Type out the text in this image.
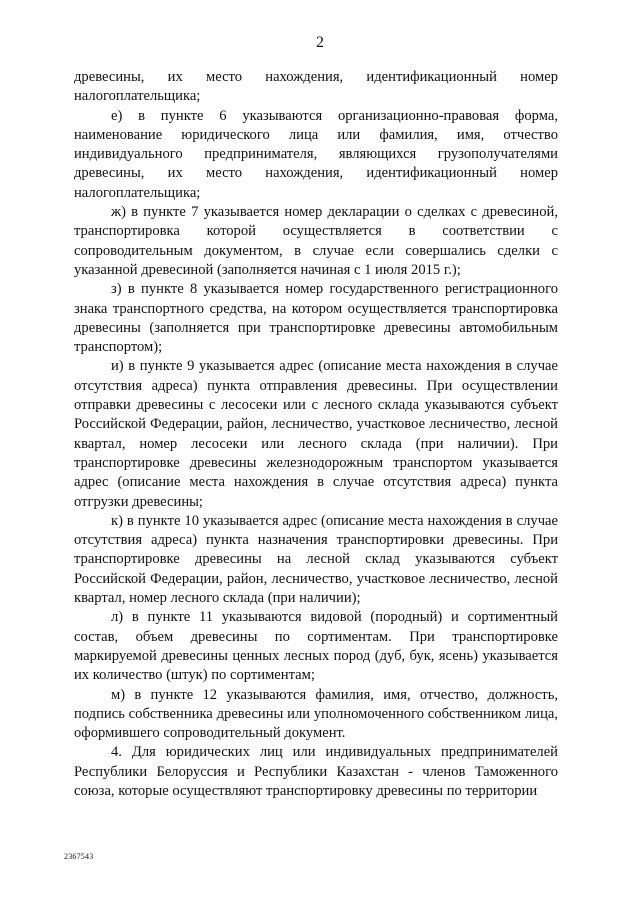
2

древесины, их место нахождения, идентификационный номер налогоплательщика;

е) в пункте 6 указываются организационно-правовая форма, наименование юридического лица или фамилия, имя, отчество индивидуального предпринимателя, являющихся грузополучателями древесины, их место нахождения, идентификационный номер налогоплательщика;

ж) в пункте 7 указывается номер декларации о сделках с древесиной, транспортировка которой осуществляется в соответствии с сопроводительным документом, в случае если совершались сделки с указанной древесиной (заполняется начиная с 1 июля 2015 г.);

з) в пункте 8 указывается номер государственного регистрационного знака транспортного средства, на котором осуществляется транспортировка древесины (заполняется при транспортировке древесины автомобильным транспортом);

и) в пункте 9 указывается адрес (описание места нахождения в случае отсутствия адреса) пункта отправления древесины. При осуществлении отправки древесины с лесосеки или с лесного склада указываются субъект Российской Федерации, район, лесничество, участковое лесничество, лесной квартал, номер лесосеки или лесного склада (при наличии). При транспортировке древесины железнодорожным транспортом указывается адрес (описание места нахождения в случае отсутствия адреса) пункта отгрузки древесины;

к) в пункте 10 указывается адрес (описание места нахождения в случае отсутствия адреса) пункта назначения транспортировки древесины. При транспортировке древесины на лесной склад указываются субъект Российской Федерации, район, лесничество, участковое лесничество, лесной квартал, номер лесного склада (при наличии);

л) в пункте 11 указываются видовой (породный) и сортиментный состав, объем древесины по сортиментам. При транспортировке маркируемой древесины ценных лесных пород (дуб, бук, ясень) указывается их количество (штук) по сортиментам;

м) в пункте 12 указываются фамилия, имя, отчество, должность, подпись собственника древесины или уполномоченного собственником лица, оформившего сопроводительный документ.

4. Для юридических лиц или индивидуальных предпринимателей Республики Белоруссия и Республики Казахстан - членов Таможенного союза, которые осуществляют транспортировку древесины по территории

2367543
